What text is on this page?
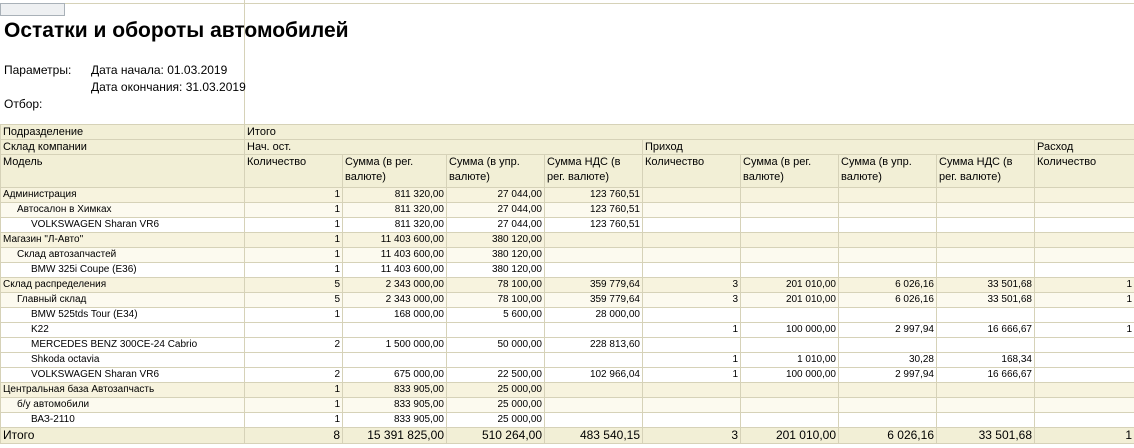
Остатки и обороты автомобилей
Параметры: Дата начала: 01.03.2019
Дата окончания: 31.03.2019
Отбор:
Подразделение	Итого								
Склад компании	Нач. ост.				Приход				Расход
Модель	Количество	Сумма (в рег. валюте)	Сумма (в упр. валюте)	Сумма НДС (в рег. валюте)	Количество	Сумма (в рег. валюте)	Сумма (в упр. валюте)	Сумма НДС (в рег. валюте)	Количество
Администрация	1	811 320,00	27 044,00	123 760,51					
Автосалон в Химках	1	811 320,00	27 044,00	123 760,51					
VOLKSWAGEN Sharan VR6	1	811 320,00	27 044,00	123 760,51					
Магазин "Л-Авто"	1	11 403 600,00	380 120,00						
Склад автозапчастей	1	11 403 600,00	380 120,00						
BMW 325i Coupe (E36)	1	11 403 600,00	380 120,00						
Склад распределения	5	2 343 000,00	78 100,00	359 779,64	3	201 010,00	6 026,16	33 501,68	1
Главный склад	5	2 343 000,00	78 100,00	359 779,64	3	201 010,00	6 026,16	33 501,68	1
BMW 525tds Tour (E34)	1	168 000,00	5 600,00	28 000,00					
K22					1	100 000,00	2 997,94	16 666,67	1
MERCEDES BENZ 300CE-24 Cabrio	2	1 500 000,00	50 000,00	228 813,60					
Shkoda octavia					1	1 010,00	30,28	168,34	
VOLKSWAGEN Sharan VR6	2	675 000,00	22 500,00	102 966,04	1	100 000,00	2 997,94	16 666,67	
Центральная база Автозапчасть	1	833 905,00	25 000,00						
б/у автомобили	1	833 905,00	25 000,00						
ВАЗ-2110	1	833 905,00	25 000,00						
Итого	8	15 391 825,00	510 264,00	483 540,15	3	201 010,00	6 026,16	33 501,68	1
